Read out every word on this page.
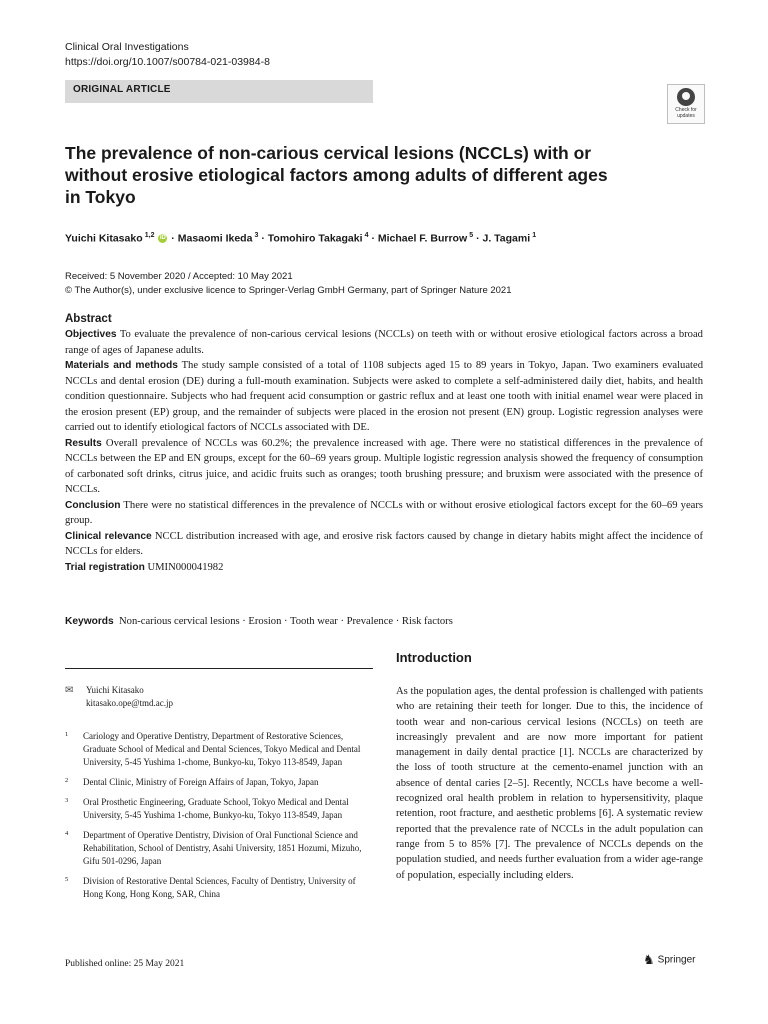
Clinical Oral Investigations
https://doi.org/10.1007/s00784-021-03984-8
ORIGINAL ARTICLE
Check for updates
The prevalence of non-carious cervical lesions (NCCLs) with or without erosive etiological factors among adults of different ages in Tokyo
Yuichi Kitasako  $^{1,2}$ iD · Masaomi Ikeda  $^3$ · Tomohiro Takagaki  $^4$ · Michael F. Burrow  $^5$ · J. Tagami  $^1$
Received: 5 November 2020 / Accepted: 10 May 2021
© The Author(s), under exclusive licence to Springer-Verlag GmbH Germany, part of Springer Nature 2021
Abstract

Objectives To evaluate the prevalence of non-carious cervical lesions (NCCLs) on teeth with or without erosive etiological factors across a broad range of ages of Japanese adults.

Materials and methods The study sample consisted of a total of 1108 subjects aged 15 to 89 years in Tokyo, Japan. Two examiners evaluated NCCLs and dental erosion (DE) during a full-mouth examination. Subjects were asked to complete a self-administered daily diet, habits, and health condition questionnaire. Subjects who had frequent acid consumption or gastric reflux and at least one tooth with initial enamel wear were placed in the erosion present (EP) group, and the remainder of subjects were placed in the erosion not present (EN) group. Logistic regression analyses were carried out to identify etiological factors of NCCLs associated with DE.

Results Overall prevalence of NCCLs was 60.2%; the prevalence increased with age. There were no statistical differences in the prevalence of NCCLs between the EP and EN groups, except for the 60–69 years group. Multiple logistic regression analysis showed the frequency of consumption of carbonated soft drinks, citrus juice, and acidic fruits such as oranges; tooth brushing pressure; and bruxism were associated with the presence of NCCLs.

Conclusion There were no statistical differences in the prevalence of NCCLs with or without erosive etiological factors except for the 60–69 years group.

Clinical relevance NCCL distribution increased with age, and erosive risk factors caused by change in dietary habits might affect the incidence of NCCLs for elders.

Trial registration UMIN000041982

Keywords Non-carious cervical lesions · Erosion · Tooth wear · Prevalence · Risk factors
✉ Yuichi Kitasako
kitasako.ope@tmd.ac.jp
1 Cariology and Operative Dentistry, Department of Restorative Sciences, Graduate School of Medical and Dental Sciences, Tokyo Medical and Dental University, 5-45 Yushima 1-chome, Bunkyo-ku, Tokyo 113-8549, Japan
2 Dental Clinic, Ministry of Foreign Affairs of Japan, Tokyo, Japan
3 Oral Prosthetic Engineering, Graduate School, Tokyo Medical and Dental University, 5-45 Yushima 1-chome, Bunkyo-ku, Tokyo 113-8549, Japan
4 Department of Operative Dentistry, Division of Oral Functional Science and Rehabilitation, School of Dentistry, Asahi University, 1851 Hozumi, Mizuho, Gifu 501-0296, Japan
5 Division of Restorative Dental Sciences, Faculty of Dentistry, University of Hong Kong, Hong Kong, SAR, China
Published online: 25 May 2021
Introduction

As the population ages, the dental profession is challenged with patients who are retaining their teeth for longer. Due to this, the incidence of tooth wear and non-carious cervical lesions (NCCLs) on teeth are increasingly prevalent and are now more important for patient management in daily dental practice [1]. NCCLs are characterized by the loss of tooth structure at the cemento-enamel junction with an absence of dental caries [2–5]. Recently, NCCLs have become a well-recognized oral health problem in relation to hypersensitivity, plaque retention, root fracture, and aesthetic problems [6]. A systematic review reported that the prevalence rate of NCCLs in the adult population can range from 5 to 85% [7]. The prevalence of NCCLs depends on the population studied, and needs further evaluation from a wider age-range of population, especially including elders.

♞ Springer
